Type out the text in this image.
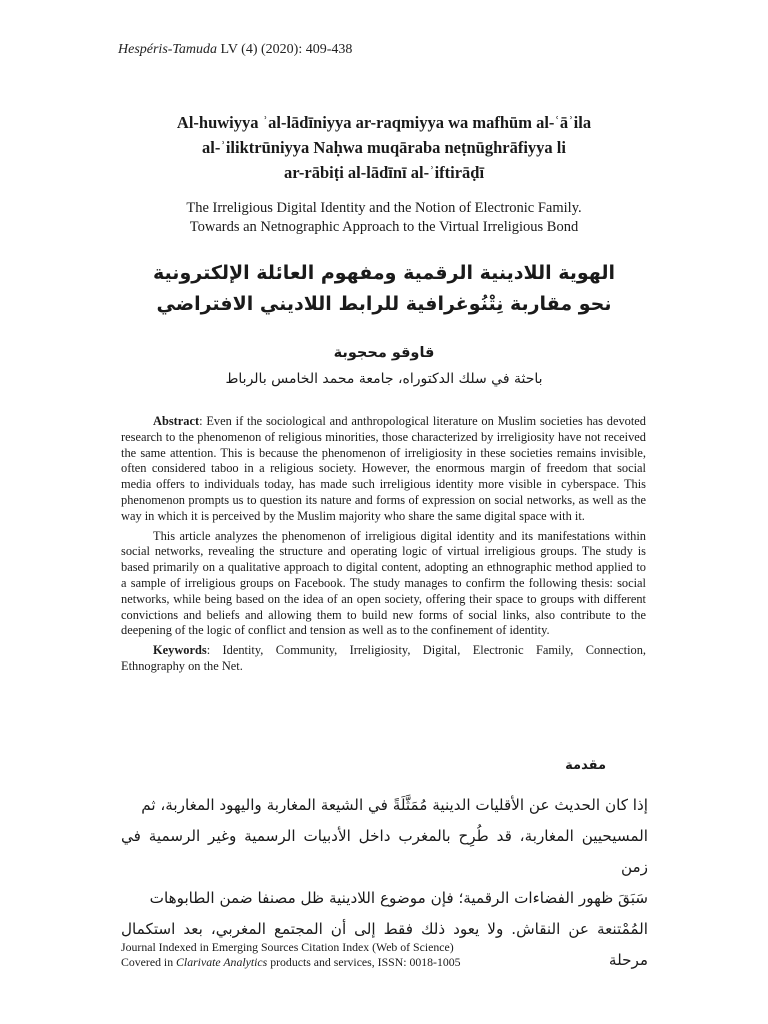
Hespéris-Tamuda LV (4) (2020): 409-438
Al-huwiyya ʾal-lādīniyya ar-raqmiyya wa mafhūm al-ʿāʾila
al-ʾiliktrūniyya Naḥwa muqāraba neṭnūghrāfiyya li
ar-rābiṭi al-lādīnī al-ʾiftirāḍī
The Irreligious Digital Identity and the Notion of Electronic Family.
Towards an Netnographic Approach to the Virtual Irreligious Bond
الهوية اللادينية الرقمية ومفهوم العائلة الإلكترونية
نحو مقاربة نِتْنُوغرافية للرابط اللاديني الافتراضي
قاوقو محجوبة
باحثة في سلك الدكتوراه، جامعة محمد الخامس بالرباط

Abstract: Even if the sociological and anthropological literature on Muslim societies has devoted research to the phenomenon of religious minorities, those characterized by irreligiosity have not received the same attention. This is because the phenomenon of irreligiosity in these societies remains invisible, often considered taboo in a religious society. However, the enormous margin of freedom that social media offers to individuals today, has made such irreligious identity more visible in cyberspace. This phenomenon prompts us to question its nature and forms of expression on social networks, as well as the way in which it is perceived by the Muslim majority who share the same digital space with it.

This article analyzes the phenomenon of irreligious digital identity and its manifestations within social networks, revealing the structure and operating logic of virtual irreligious groups. The study is based primarily on a qualitative approach to digital content, adopting an ethnographic method applied to a sample of irreligious groups on Facebook. The study manages to confirm the following thesis: social networks, while being based on the idea of an open society, offering their space to groups with different convictions and beliefs and allowing them to build new forms of social links, also contribute to the deepening of the logic of conflict and tension as well as to the confinement of identity.

Keywords: Identity, Community, Irreligiosity, Digital, Electronic Family, Connection, Ethnography on the Net.

مقدمة
إذا كان الحديث عن الأقليات الدينية مُمَثَّلَةً في الشيعة المغاربة واليهود المغاربة، ثم
المسيحيين المغاربة، قد طُرِح بالمغرب داخل الأدبيات الرسمية وغير الرسمية في زمن
سَبَقَ ظهور الفضاءات الرقمية؛ فإن موضوع اللادينية ظل مصنفا ضمن الطابوهات
المُمْتنعة عن النقاش. ولا يعود ذلك فقط إلى أن المجتمع المغربي، بعد استكمال مرحلة
Journal Indexed in Emerging Sources Citation Index (Web of Science)
Covered in Clarivate Analytics products and services, ISSN: 0018-1005
